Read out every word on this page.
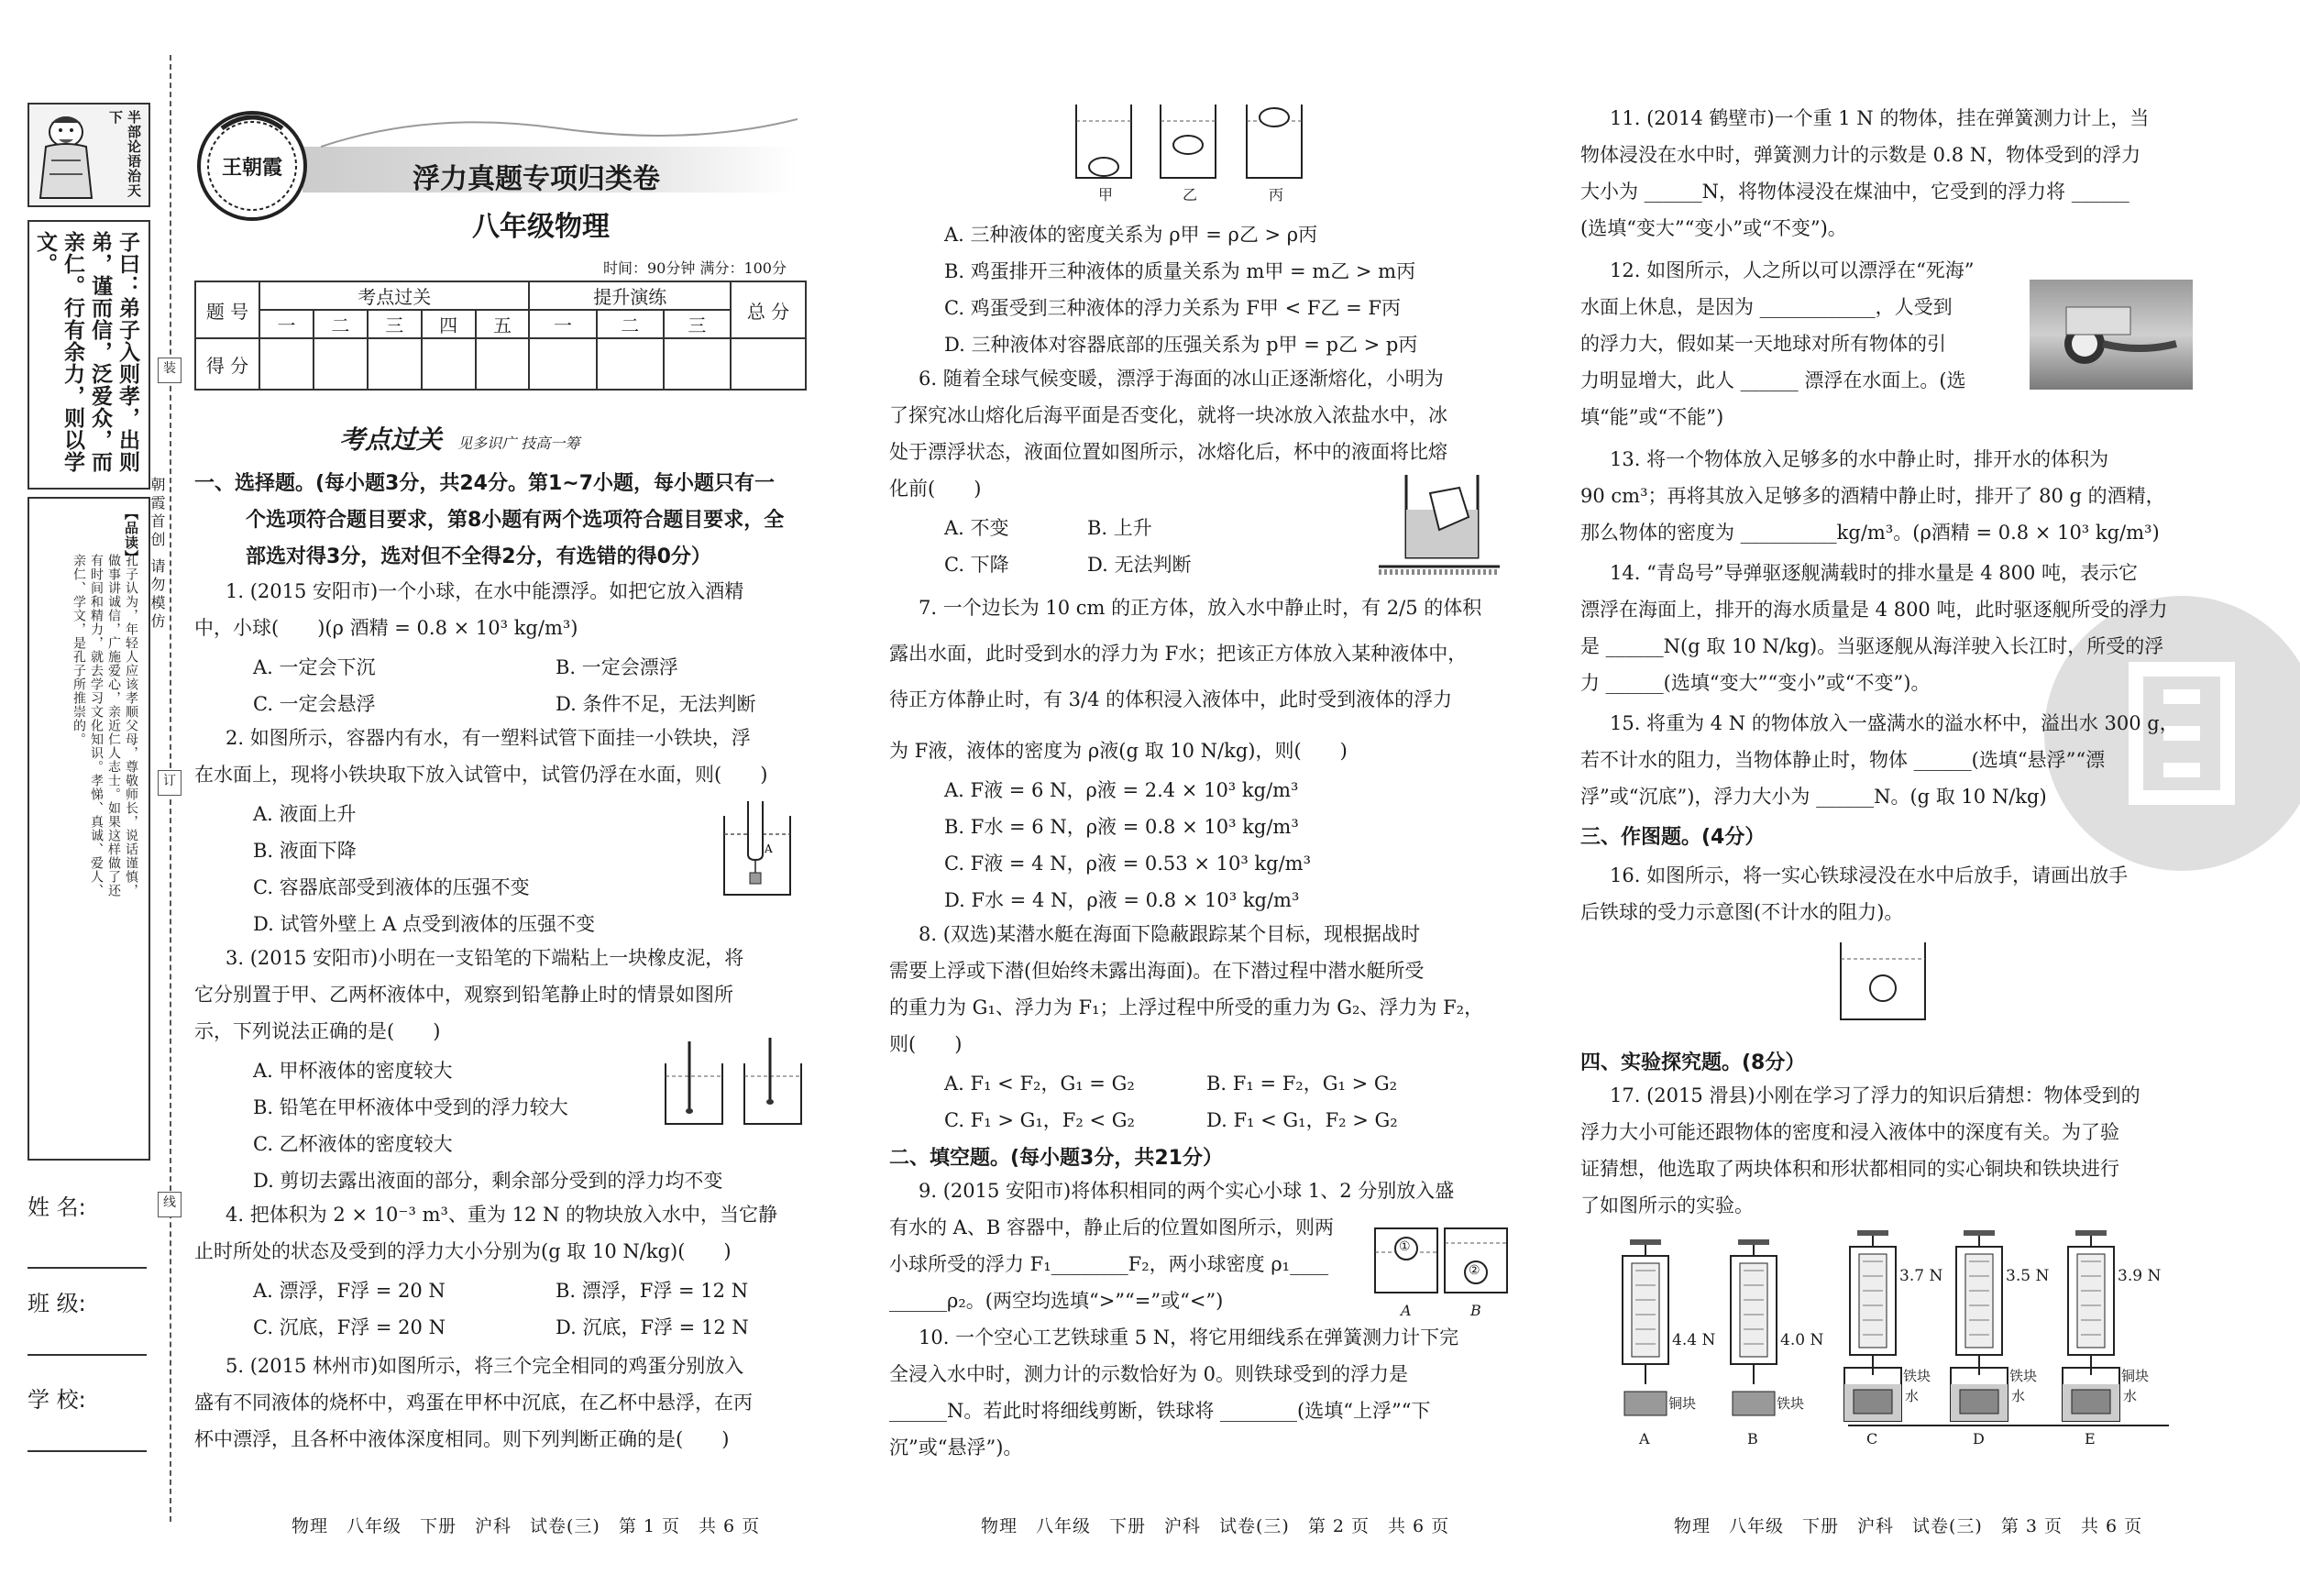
半部论语治天下
子曰：弟子入则孝，出则弟，谨而信，泛爱众，而亲仁。行有余力，则以学文。
【品读】
孔子认为，年轻人应该孝顺父母，尊敬师长，说话谨慎，做事讲诚信，广施爱心，亲近仁人志士。如果这样做了还有时间和精力，就去学习文化知识。孝悌、真诚、爱人、亲仁、学文，是孔子所推崇的。
姓 名:
班 级:
学 校:
装
订
线
朝霞首创 请勿模仿
王朝霞	浮力真题专项归类卷
八年级物理
时间：90分钟 满分：100分
题 号	考点过关					提升演练			总 分
	一	二	三	四	五	一	二	三	
得 分									
考点过关 见多识广 技高一筹
一、选择题。(每小题3分，共24分。第1~7小题，每小题只有一
个选项符合题目要求，第8小题有两个选项符合题目要求，全
部选对得3分，选对但不全得2分，有选错的得0分）
1. (2015 安阳市)一个小球，在水中能漂浮。如把它放入酒精
中，小球(　　)(ρ 酒精 = 0.8 × 10³ kg/m³)
A. 一定会下沉	B. 一定会漂浮
C. 一定会悬浮	D. 条件不足，无法判断
2. 如图所示，容器内有水，有一塑料试管下面挂一小铁块，浮
在水面上，现将小铁块取下放入试管中，试管仍浮在水面，则(　　)
A. 液面上升
B. 液面下降
C. 容器底部受到液体的压强不变
D. 试管外壁上 A 点受到液体的压强不变
A
3. (2015 安阳市)小明在一支铅笔的下端粘上一块橡皮泥，将
它分别置于甲、乙两杯液体中，观察到铅笔静止时的情景如图所
示，下列说法正确的是(　　)
A. 甲杯液体的密度较大
B. 铅笔在甲杯液体中受到的浮力较大
C. 乙杯液体的密度较大
D. 剪切去露出液面的部分，剩余部分受到的浮力均不变
4. 把体积为 2 × 10⁻³ m³、重为 12 N 的物块放入水中，当它静
止时所处的状态及受到的浮力大小分别为(g 取 10 N/kg)(　　)
A. 漂浮，F浮 = 20 N	B. 漂浮，F浮 = 12 N
C. 沉底，F浮 = 20 N	D. 沉底，F浮 = 12 N
5. (2015 林州市)如图所示，将三个完全相同的鸡蛋分别放入
盛有不同液体的烧杯中，鸡蛋在甲杯中沉底，在乙杯中悬浮，在丙
杯中漂浮，且各杯中液体深度相同。则下列判断正确的是(　　)
物理　八年级　下册　沪科　试卷(三)　第 1 页　共 6 页
甲	乙	丙
A. 三种液体的密度关系为 ρ甲 = ρ乙 > ρ丙
B. 鸡蛋排开三种液体的质量关系为 m甲 = m乙 > m丙
C. 鸡蛋受到三种液体的浮力关系为 F甲 < F乙 = F丙
D. 三种液体对容器底部的压强关系为 p甲 = p乙 > p丙
6. 随着全球气候变暖，漂浮于海面的冰山正逐渐熔化，小明为
了探究冰山熔化后海平面是否变化，就将一块冰放入浓盐水中，冰
处于漂浮状态，液面位置如图所示，冰熔化后，杯中的液面将比熔
化前(　　)
A. 不变	B. 上升
C. 下降	D. 无法判断
7. 一个边长为 10 cm 的正方体，放入水中静止时，有 2/5 的体积
露出水面，此时受到水的浮力为 F水；把该正方体放入某种液体中，
待正方体静止时，有 3/4 的体积浸入液体中，此时受到液体的浮力
为 F液，液体的密度为 ρ液(g 取 10 N/kg)，则(　　)
A. F液 = 6 N，ρ液 = 2.4 × 10³ kg/m³
B. F水 = 6 N，ρ液 = 0.8 × 10³ kg/m³
C. F液 = 4 N，ρ液 = 0.53 × 10³ kg/m³
D. F水 = 4 N，ρ液 = 0.8 × 10³ kg/m³
8. (双选)某潜水艇在海面下隐蔽跟踪某个目标，现根据战时
需要上浮或下潜(但始终未露出海面)。在下潜过程中潜水艇所受
的重力为 G₁、浮力为 F₁；上浮过程中所受的重力为 G₂、浮力为 F₂，
则(　　)
A. F₁ < F₂，G₁ = G₂	B. F₁ = F₂，G₁ > G₂
C. F₁ > G₁，F₂ < G₂	D. F₁ < G₁，F₂ > G₂
二、填空题。(每小题3分，共21分）
9. (2015 安阳市)将体积相同的两个实心小球 1、2 分别放入盛
有水的 A、B 容器中，静止后的位置如图所示，则两
小球所受的浮力 F₁________F₂，两小球密度 ρ₁____
______ρ₂。(两空均选填“>”“=”或“<”)
①
②
A	B
10. 一个空心工艺铁球重 5 N，将它用细线系在弹簧测力计下完
全浸入水中时，测力计的示数恰好为 0。则铁球受到的浮力是
______N。若此时将细线剪断，铁球将 ________(选填“上浮”“下
沉”或“悬浮”)。
物理　八年级　下册　沪科　试卷(三)　第 2 页　共 6 页
11. (2014 鹤壁市)一个重 1 N 的物体，挂在弹簧测力计上，当
物体浸没在水中时，弹簧测力计的示数是 0.8 N，物体受到的浮力
大小为 ______N，将物体浸没在煤油中，它受到的浮力将 ______
(选填“变大”“变小”或“不变”)。
12. 如图所示，人之所以可以漂浮在“死海”
水面上休息，是因为 ____________，人受到
的浮力大，假如某一天地球对所有物体的引
力明显增大，此人 ______ 漂浮在水面上。(选
填“能”或“不能”)
13. 将一个物体放入足够多的水中静止时，排开水的体积为
90 cm³；再将其放入足够多的酒精中静止时，排开了 80 g 的酒精，
那么物体的密度为 __________kg/m³。(ρ酒精 = 0.8 × 10³ kg/m³)
14. “青岛号”导弹驱逐舰满载时的排水量是 4 800 吨，表示它
漂浮在海面上，排开的海水质量是 4 800 吨，此时驱逐舰所受的浮力
是 ______N(g 取 10 N/kg)。当驱逐舰从海洋驶入长江时，所受的浮
力 ______(选填“变大”“变小”或“不变”)。
15. 将重为 4 N 的物体放入一盛满水的溢水杯中，溢出水 300 g，
若不计水的阻力，当物体静止时，物体 ______(选填“悬浮”“漂
浮”或“沉底”)，浮力大小为 ______N。(g 取 10 N/kg)
三、作图题。(4分）
16. 如图所示，将一实心铁球浸没在水中后放手，请画出放手
后铁球的受力示意图(不计水的阻力)。
四、实验探究题。(8分）
17. (2015 滑县)小刚在学习了浮力的知识后猜想：物体受到的
浮力大小可能还跟物体的密度和浸入液体中的深度有关。为了验
证猜想，他选取了两块体积和形状都相同的实心铜块和铁块进行
了如图所示的实验。
4.4 N
铜块
A
4.0 N
铁块
B
3.7 N
铁块
水
C
3.5 N
铁块
水
D
3.9 N
铜块
水
E
物理　八年级　下册　沪科　试卷(三)　第 3 页　共 6 页
